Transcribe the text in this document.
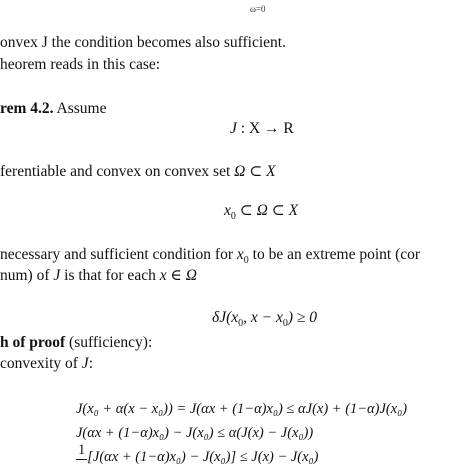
ω=0
onvex J the condition becomes also sufficient.
heorem reads in this case:
rem 4.2. Assume
J : X → R
ferentiable and convex on convex set Ω ⊂ X
$x_0$ ⊂ Ω ⊂ X
necessary and sufficient condition for $x_0$ to be an extreme point (cor
num) of J is that for each x ∈ Ω
$\delta J(x_0$, $x - x_0) \ge 0$
h of proof (sufficiency):
convexity of J:
J(x₀ + α(x − x₀)) = J(αx + (1−α)x₀) ≤ αJ(x) + (1−α)J(x₀)
J(αx + (1−α)x₀) − J(x₀) ≤ α(J(x) − J(x₀))
1 [J(αx + (1−α)x₀) − J(x₀)] ≤ J(x) − J(x₀)
